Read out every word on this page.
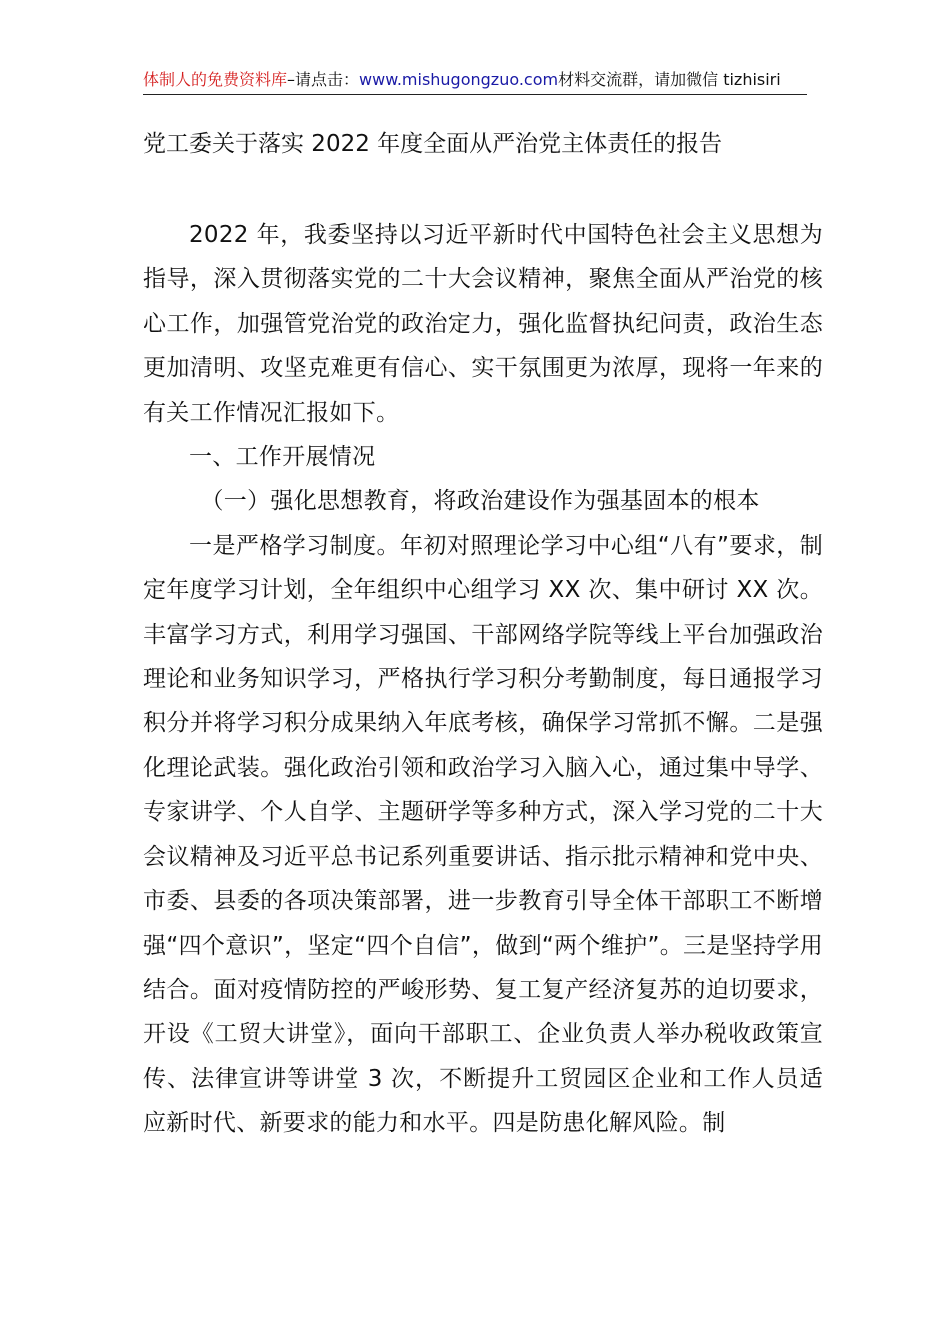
体制人的免费资料库–请点击：www.mishugongzuo.com材料交流群，请加微信 tizhisiri
党工委关于落实 2022 年度全面从严治党主体责任的报告

2022 年，我委坚持以习近平新时代中国特色社会主义思想为指导，深入贯彻落实党的二十大会议精神，聚焦全面从严治党的核心工作，加强管党治党的政治定力，强化监督执纪问责，政治生态更加清明、攻坚克难更有信心、实干氛围更为浓厚，现将一年来的有关工作情况汇报如下。

一、工作开展情况

（一）强化思想教育，将政治建设作为强基固本的根本

一是严格学习制度。年初对照理论学习中心组“八有”要求，制定年度学习计划，全年组织中心组学习 XX 次、集中研讨 XX 次。丰富学习方式，利用学习强国、干部网络学院等线上平台加强政治理论和业务知识学习，严格执行学习积分考勤制度，每日通报学习积分并将学习积分成果纳入年底考核，确保学习常抓不懈。二是强化理论武装。强化政治引领和政治学习入脑入心，通过集中导学、专家讲学、个人自学、主题研学等多种方式，深入学习党的二十大会议精神及习近平总书记系列重要讲话、指示批示精神和党中央、市委、县委的各项决策部署，进一步教育引导全体干部职工不断增强“四个意识”，坚定“四个自信”，做到“两个维护”。三是坚持学用结合。面对疫情防控的严峻形势、复工复产经济复苏的迫切要求，开设《工贸大讲堂》，面向干部职工、企业负责人举办税收政策宣传、法律宣讲等讲堂 3 次，不断提升工贸园区企业和工作人员适应新时代、新要求的能力和水平。四是防患化解风险。制
